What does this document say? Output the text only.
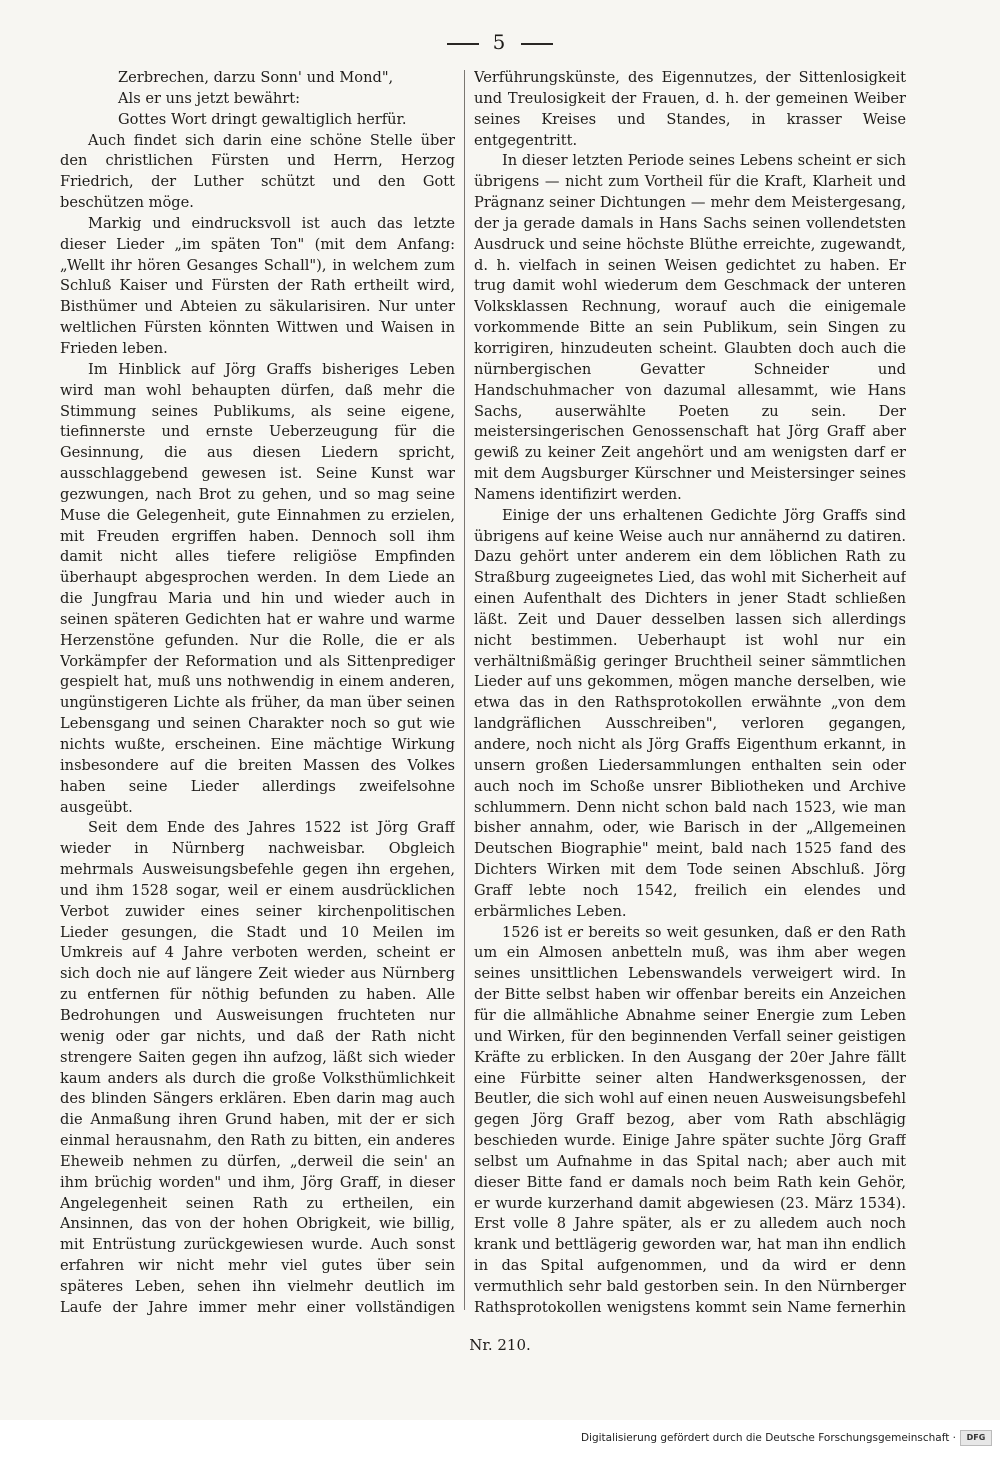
5
Zerbrechen, darzu Sonn' und Mond",
Als er uns jetzt bewährt:
Gottes Wort dringt gewaltiglich herfür.

Auch findet sich darin eine schöne Stelle über den christlichen Fürsten und Herrn, Herzog Friedrich, der Luther schützt und den Gott beschützen möge.

Markig und eindrucksvoll ist auch das letzte dieser Lieder „im späten Ton" (mit dem Anfang: „Wellt ihr hören Gesanges Schall"), in welchem zum Schluß Kaiser und Fürsten der Rath ertheilt wird, Bisthümer und Abteien zu säkularisiren. Nur unter weltlichen Fürsten könnten Wittwen und Waisen in Frieden leben.

Im Hinblick auf Jörg Graffs bisheriges Leben wird man wohl behaupten dürfen, daß mehr die Stimmung seines Publikums, als seine eigene, tiefinnerste und ernste Ueberzeugung für die Gesinnung, die aus diesen Liedern spricht, ausschlaggebend gewesen ist. Seine Kunst war gezwungen, nach Brot zu gehen, und so mag seine Muse die Gelegenheit, gute Einnahmen zu erzielen, mit Freuden ergriffen haben. Dennoch soll ihm damit nicht alles tiefere religiöse Empfinden überhaupt abgesprochen werden. In dem Liede an die Jungfrau Maria und hin und wieder auch in seinen späteren Gedichten hat er wahre und warme Herzenstöne gefunden. Nur die Rolle, die er als Vorkämpfer der Reformation und als Sittenprediger gespielt hat, muß uns nothwendig in einem anderen, ungünstigeren Lichte als früher, da man über seinen Lebensgang und seinen Charakter noch so gut wie nichts wußte, erscheinen. Eine mächtige Wirkung insbesondere auf die breiten Massen des Volkes haben seine Lieder allerdings zweifelsohne ausgeübt.

Seit dem Ende des Jahres 1522 ist Jörg Graff wieder in Nürnberg nachweisbar. Obgleich mehrmals Ausweisungsbefehle gegen ihn ergehen, und ihm 1528 sogar, weil er einem ausdrücklichen Verbot zuwider eines seiner kirchenpolitischen Lieder gesungen, die Stadt und 10 Meilen im Umkreis auf 4 Jahre verboten werden, scheint er sich doch nie auf längere Zeit wieder aus Nürnberg zu entfernen für nöthig befunden zu haben. Alle Bedrohungen und Ausweisungen fruchteten nur wenig oder gar nichts, und daß der Rath nicht strengere Saiten gegen ihn aufzog, läßt sich wieder kaum anders als durch die große Volksthümlichkeit des blinden Sängers erklären. Eben darin mag auch die Anmaßung ihren Grund haben, mit der er sich einmal herausnahm, den Rath zu bitten, ein anderes Eheweib nehmen zu dürfen, „derweil die sein' an ihm brüchig worden" und ihm, Jörg Graff, in dieser Angelegenheit seinen Rath zu ertheilen, ein Ansinnen, das von der hohen Obrigkeit, wie billig, mit Entrüstung zurückgewiesen wurde. Auch sonst erfahren wir nicht mehr viel gutes über sein späteres Leben, sehen ihn vielmehr deutlich im Laufe der Jahre immer mehr einer vollständigen

Verführungskünste, des Eigennutzes, der Sittenlosigkeit und Treulosigkeit der Frauen, d. h. der gemeinen Weiber seines Kreises und Standes, in krasser Weise entgegentritt.

In dieser letzten Periode seines Lebens scheint er sich übrigens — nicht zum Vortheil für die Kraft, Klarheit und Prägnanz seiner Dichtungen — mehr dem Meistergesang, der ja gerade damals in Hans Sachs seinen vollendetsten Ausdruck und seine höchste Blüthe erreichte, zugewandt, d. h. vielfach in seinen Weisen gedichtet zu haben. Er trug damit wohl wiederum dem Geschmack der unteren Volksklassen Rechnung, worauf auch die einigemale vorkommende Bitte an sein Publikum, sein Singen zu korrigiren, hinzudeuten scheint. Glaubten doch auch die nürnbergischen Gevatter Schneider und Handschuhmacher von dazumal allesammt, wie Hans Sachs, auserwählte Poeten zu sein. Der meistersingerischen Genossenschaft hat Jörg Graff aber gewiß zu keiner Zeit angehört und am wenigsten darf er mit dem Augsburger Kürschner und Meistersinger seines Namens identifizirt werden.

Einige der uns erhaltenen Gedichte Jörg Graffs sind übrigens auf keine Weise auch nur annähernd zu datiren. Dazu gehört unter anderem ein dem löblichen Rath zu Straßburg zugeeignetes Lied, das wohl mit Sicherheit auf einen Aufenthalt des Dichters in jener Stadt schließen läßt. Zeit und Dauer desselben lassen sich allerdings nicht bestimmen. Ueberhaupt ist wohl nur ein verhältnißmäßig geringer Bruchtheil seiner sämmtlichen Lieder auf uns gekommen, mögen manche derselben, wie etwa das in den Rathsprotokollen erwähnte „von dem landgräflichen Ausschreiben", verloren gegangen, andere, noch nicht als Jörg Graffs Eigenthum erkannt, in unsern großen Liedersammlungen enthalten sein oder auch noch im Schoße unsrer Bibliotheken und Archive schlummern. Denn nicht schon bald nach 1523, wie man bisher annahm, oder, wie Barisch in der „Allgemeinen Deutschen Biographie" meint, bald nach 1525 fand des Dichters Wirken mit dem Tode seinen Abschluß. Jörg Graff lebte noch 1542, freilich ein elendes und erbärmliches Leben.

1526 ist er bereits so weit gesunken, daß er den Rath um ein Almosen anbetteln muß, was ihm aber wegen seines unsittlichen Lebenswandels verweigert wird. In der Bitte selbst haben wir offenbar bereits ein Anzeichen für die allmähliche Abnahme seiner Energie zum Leben und Wirken, für den beginnenden Verfall seiner geistigen Kräfte zu erblicken. In den Ausgang der 20er Jahre fällt eine Fürbitte seiner alten Handwerksgenossen, der Beutler, die sich wohl auf einen neuen Ausweisungsbefehl gegen Jörg Graff bezog, aber vom Rath abschlägig beschieden wurde. Einige Jahre später suchte Jörg Graff selbst um Aufnahme in das Spital nach; aber auch mit dieser Bitte fand er damals noch beim Rath kein Gehör, er wurde kurzerhand damit abgewiesen (23. März 1534). Erst volle 8 Jahre später, als er zu alledem auch noch krank und bettlägerig geworden war, hat man ihn endlich in das Spital aufgenommen, und da wird er denn vermuthlich sehr bald gestorben sein. In den Nürnberger Rathsprotokollen wenigstens kommt sein Name fernerhin

Nr. 210.
Digitalisierung gefördert durch die Deutsche Forschungsgemeinschaft ·	DFG
